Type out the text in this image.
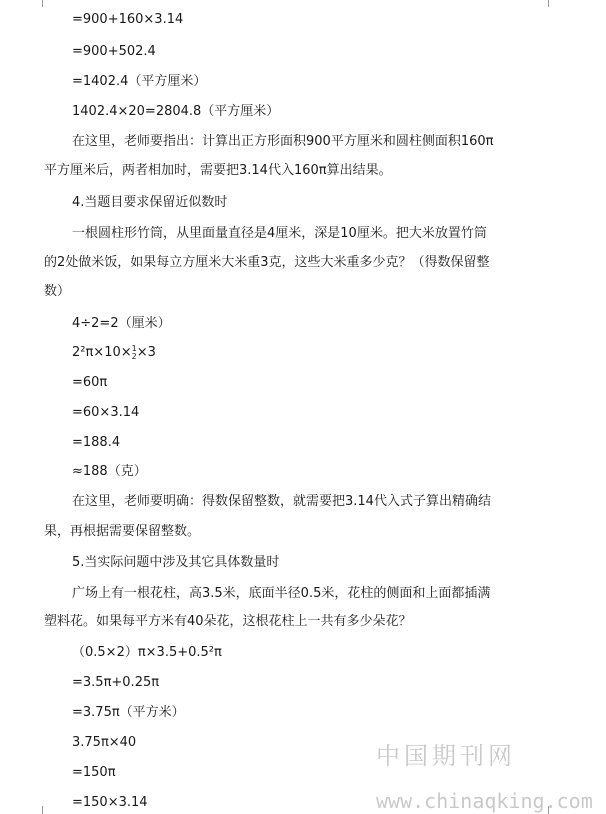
=900+160×3.14
=900+502.4
=1402.4（平方厘米）
1402.4×20=2804.8（平方厘米）
在这里，老师要指出：计算出正方形面积900平方厘米和圆柱侧面积160π
平方厘米后，两者相加时，需要把3.14代入160π算出结果。
4.当题目要求保留近似数时
一根圆柱形竹筒，从里面量直径是4厘米，深是10厘米。把大米放置竹筒
的2处做米饭，如果每立方厘米大米重3克，这些大米重多少克？（得数保留整
数）
4÷2=2（厘米）
2²π×10×1
2×3
=60π
=60×3.14
=188.4
≈188（克）
在这里，老师要明确：得数保留整数，就需要把3.14代入式子算出精确结
果，再根据需要保留整数。
5.当实际问题中涉及其它具体数量时
广场上有一根花柱，高3.5米，底面半径0.5米，花柱的侧面和上面都插满
塑料花。如果每平方米有40朵花，这根花柱上一共有多少朵花？
（0.5×2）π×3.5+0.5²π
=3.5π+0.25π
=3.75π（平方米）
3.75π×40
=150π
=150×3.14
中国期刊网
www.chinaqking.com
